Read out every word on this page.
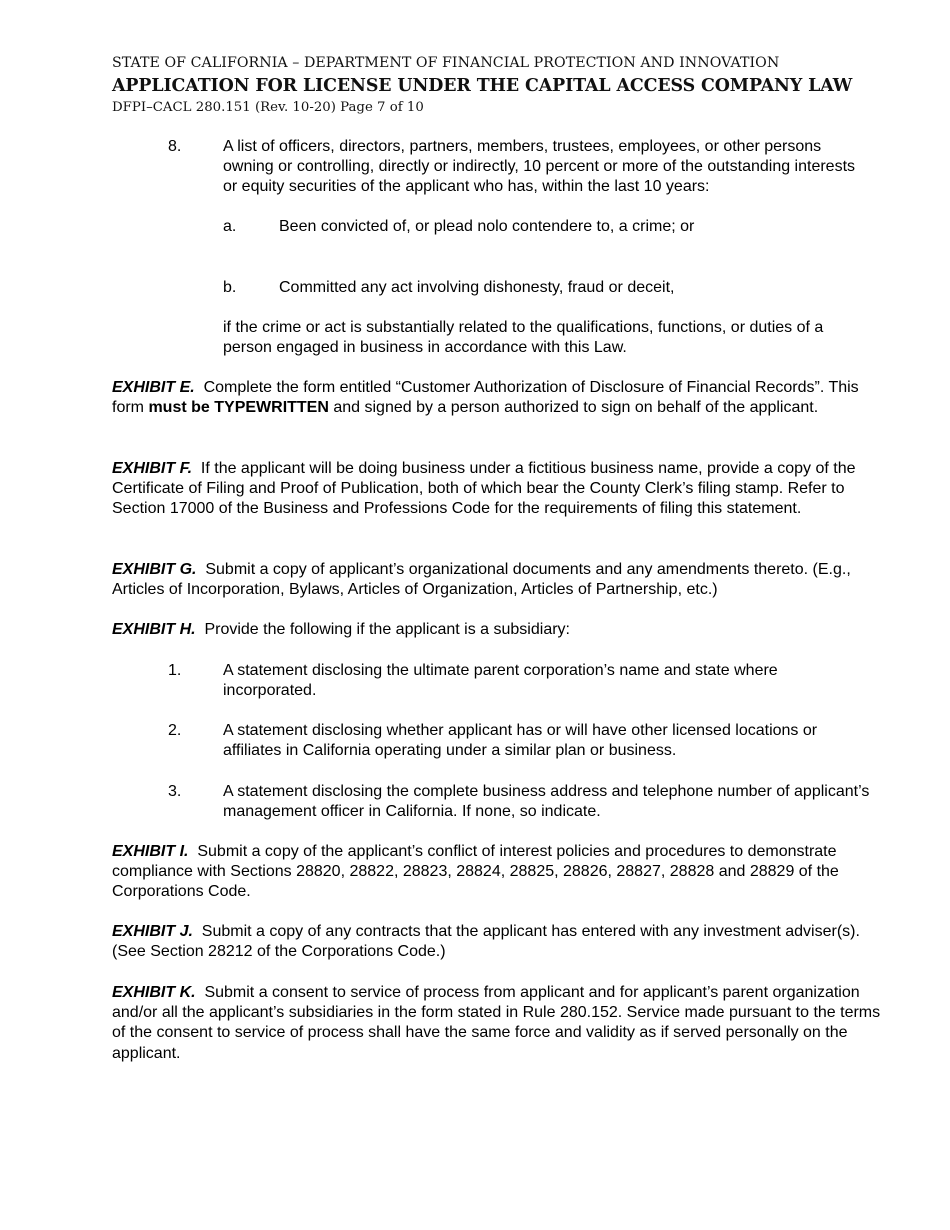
STATE OF CALIFORNIA – DEPARTMENT OF FINANCIAL PROTECTION AND INNOVATION
APPLICATION FOR LICENSE UNDER THE CAPITAL ACCESS COMPANY LAW
DFPI–CACL 280.151 (Rev. 10-20) Page 7 of 10
8.	A list of officers, directors, partners, members, trustees, employees, or other persons owning or controlling, directly or indirectly, 10 percent or more of the outstanding interests or equity securities of the applicant who has, within the last 10 years:
a.	Been convicted of, or plead nolo contendere to, a crime; or
b.	Committed any act involving dishonesty, fraud or deceit,
if the crime or act is substantially related to the qualifications, functions, or duties of a person engaged in business in accordance with this Law.
EXHIBIT E. Complete the form entitled “Customer Authorization of Disclosure of Financial Records”. This form must be TYPEWRITTEN and signed by a person authorized to sign on behalf of the applicant.
EXHIBIT F. If the applicant will be doing business under a fictitious business name, provide a copy of the Certificate of Filing and Proof of Publication, both of which bear the County Clerk’s filing stamp. Refer to Section 17000 of the Business and Professions Code for the requirements of filing this statement.
EXHIBIT G. Submit a copy of applicant’s organizational documents and any amendments thereto. (E.g., Articles of Incorporation, Bylaws, Articles of Organization, Articles of Partnership, etc.)
EXHIBIT H. Provide the following if the applicant is a subsidiary:
1.	A statement disclosing the ultimate parent corporation’s name and state where incorporated.
2.	A statement disclosing whether applicant has or will have other licensed locations or affiliates in California operating under a similar plan or business.
3.	A statement disclosing the complete business address and telephone number of applicant’s management officer in California. If none, so indicate.
EXHIBIT I. Submit a copy of the applicant’s conflict of interest policies and procedures to demonstrate compliance with Sections 28820, 28822, 28823, 28824, 28825, 28826, 28827, 28828 and 28829 of the Corporations Code.
EXHIBIT J. Submit a copy of any contracts that the applicant has entered with any investment adviser(s). (See Section 28212 of the Corporations Code.)
EXHIBIT K. Submit a consent to service of process from applicant and for applicant’s parent organization and/or all the applicant’s subsidiaries in the form stated in Rule 280.152. Service made pursuant to the terms of the consent to service of process shall have the same force and validity as if served personally on the applicant.
